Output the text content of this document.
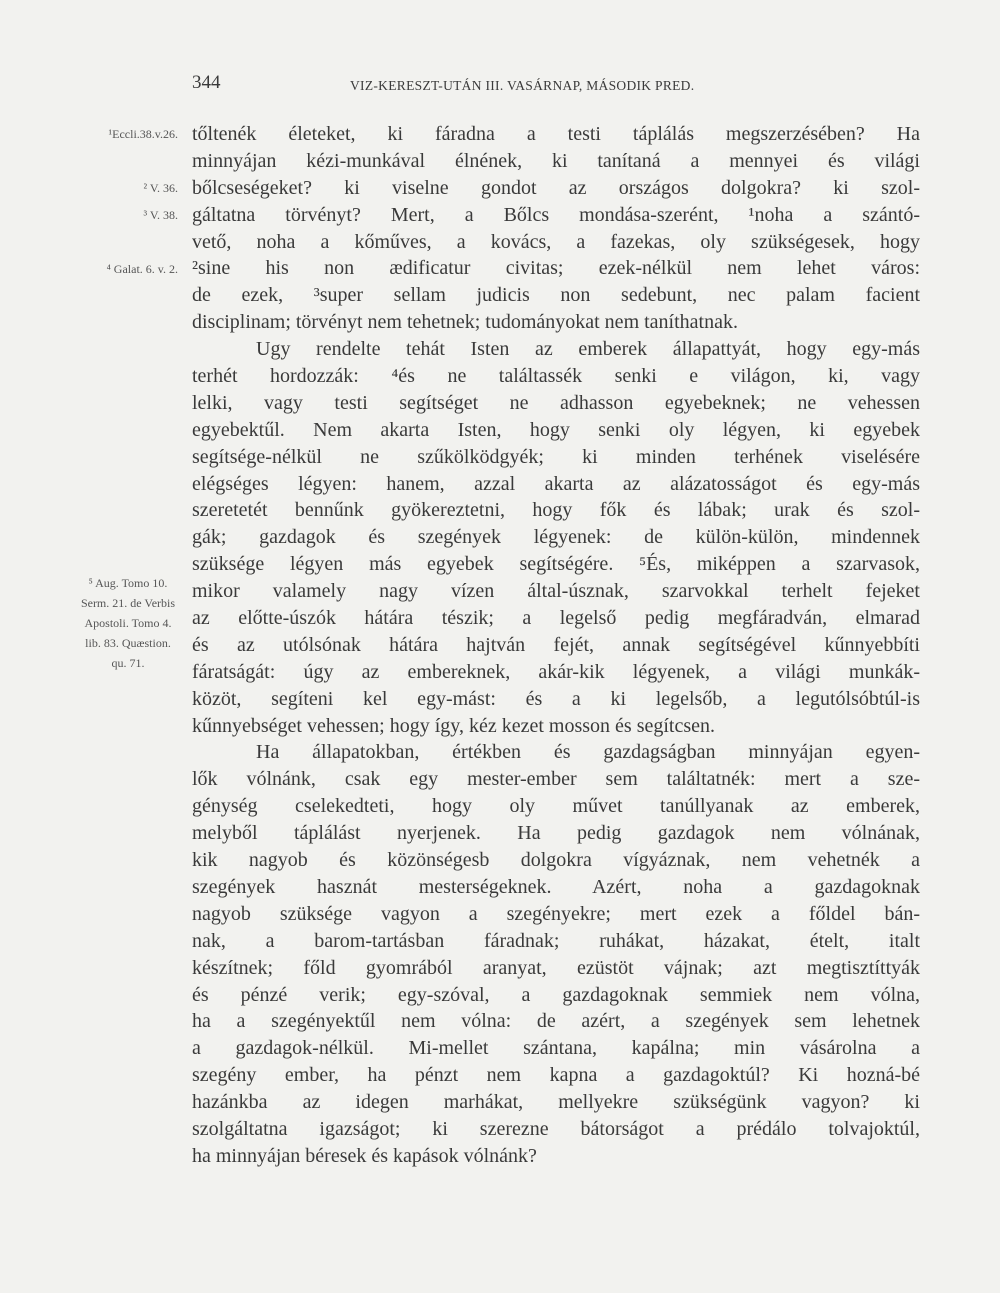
344	VIZ-KERESZT-UTÁN III. VASÁRNAP, MÁSODIK PRED.
¹Eccli.38.v.26.
² V. 36.
³ V. 38.
⁴ Galat. 6. v. 2.
⁵ Aug. Tomo 10. Serm. 21. de Verbis Apostoli. Tomo 4. lib. 83. Quæstion. qu. 71.
tőltenék életeket, ki fáradna a testi táplálás megszerzésében? Ha
minnyájan kézi-munkával élnének, ki tanítaná a mennyei és világi
bőlcseségeket? ki viselne gondot az országos dolgokra? ki szol-
gáltatna törvényt? Mert, a Bőlcs mondása-szerént, ¹noha a szántó-
vető, noha a kőműves, a kovács, a fazekas, oly szükségesek, hogy
²sine his non ædificatur civitas; ezek-nélkül nem lehet város:
de ezek, ³super sellam judicis non sedebunt, nec palam facient
disciplinam; törvényt nem tehetnek; tudományokat nem taníthatnak.
Ugy rendelte tehát Isten az emberek állapattyát, hogy egy-más
terhét hordozzák: ⁴és ne találtassék senki e világon, ki, vagy
lelki, vagy testi segítséget ne adhasson egyebeknek; ne vehessen
egyebektűl. Nem akarta Isten, hogy senki oly légyen, ki egyebek
segítsége-nélkül ne szűkölködgyék; ki minden terhének viselésére
elégséges légyen: hanem, azzal akarta az alázatosságot és egy-más
szeretetét bennűnk gyökereztetni, hogy fők és lábak; urak és szol-
gák; gazdagok és szegények légyenek: de külön-külön, mindennek
szüksége légyen más egyebek segítségére. ⁵És, miképpen a szarvasok,
mikor valamely nagy vízen által-úsznak, szarvokkal terhelt fejeket
az előtte-úszók hátára tészik; a legelső pedig megfáradván, elmarad
és az utólsónak hátára hajtván fejét, annak segítségével kűnnyebbíti
fáratságát: úgy az embereknek, akár-kik légyenek, a világi munkák-
közöt, segíteni kel egy-mást: és a ki legelsőb, a legutólsóbtúl-is
kűnnyebséget vehessen; hogy így, kéz kezet mosson és segítcsen.
Ha állapatokban, értékben és gazdagságban minnyájan egyen-
lők vólnánk, csak egy mester-ember sem találtatnék: mert a sze-
génység cselekedteti, hogy oly művet tanúllyanak az emberek,
melyből táplálást nyerjenek. Ha pedig gazdagok nem vólnának,
kik nagyob és közönségesb dolgokra vígyáznak, nem vehetnék a
szegények hasznát mesterségeknek. Azért, noha a gazdagoknak
nagyob szüksége vagyon a szegényekre; mert ezek a főldel bán-
nak, a barom-tartásban fáradnak; ruhákat, házakat, ételt, italt
készítnek; főld gyomrából aranyat, ezüstöt vájnak; azt megtisztíttyák
és pénzé verik; egy-szóval, a gazdagoknak semmiek nem vólna,
ha a szegényektűl nem vólna: de azért, a szegények sem lehetnek
a gazdagok-nélkül. Mi-mellet szántana, kapálna; min vásárolna a
szegény ember, ha pénzt nem kapna a gazdagoktúl? Ki hozná-bé
hazánkba az idegen marhákat, mellyekre szükségünk vagyon? ki
szolgáltatna igazságot; ki szerezne bátorságot a prédálo tolvajoktúl,
ha minnyájan béresek és kapások vólnánk?
